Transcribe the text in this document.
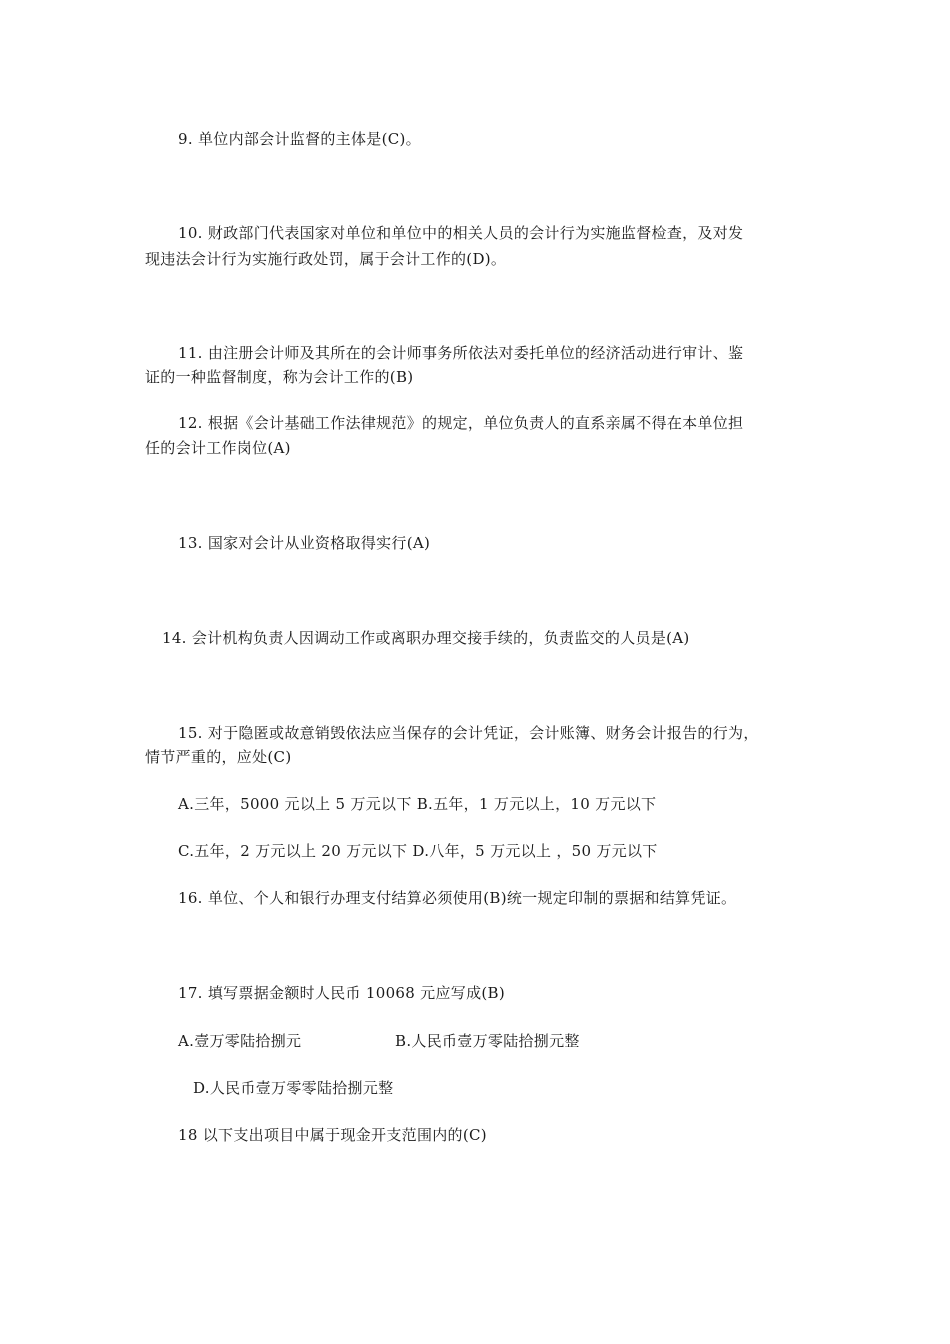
9. 单位内部会计监督的主体是(C)。
10. 财政部门代表国家对单位和单位中的相关人员的会计行为实施监督检查，及对发
现违法会计行为实施行政处罚，属于会计工作的(D)。
11. 由注册会计师及其所在的会计师事务所依法对委托单位的经济活动进行审计、鉴
证的一种监督制度，称为会计工作的(B)
12. 根据《会计基础工作法律规范》的规定，单位负责人的直系亲属不得在本单位担
任的会计工作岗位(A)
13. 国家对会计从业资格取得实行(A)
14. 会计机构负责人因调动工作或离职办理交接手续的，负责监交的人员是(A)
15. 对于隐匿或故意销毁依法应当保存的会计凭证，会计账簿、财务会计报告的行为，
情节严重的，应处(C)
A.三年，5000 元以上 5 万元以下 B.五年，1 万元以上，10 万元以下
C.五年，2 万元以上 20 万元以下 D.八年，5 万元以上 ，50 万元以下
16. 单位、个人和银行办理支付结算必须使用(B)统一规定印制的票据和结算凭证。
17. 填写票据金额时人民币 10068 元应写成(B)
A.壹万零陆拾捌元	B.人民币壹万零陆拾捌元整
D.人民币壹万零零陆拾捌元整
18 以下支出项目中属于现金开支范围内的(C)
